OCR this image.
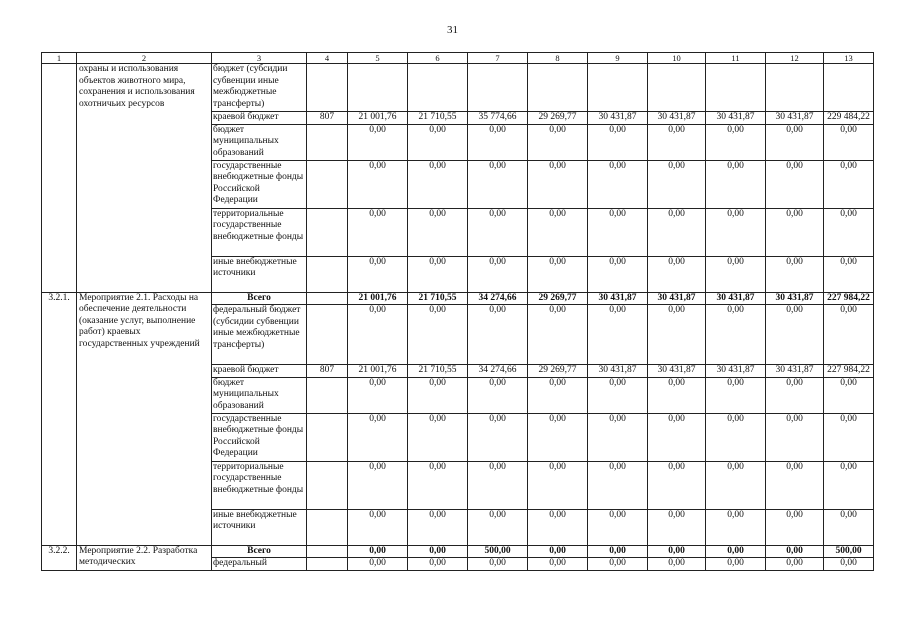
31
1	2	3	4	5	6	7	8	9	10	11	12	13
	охраны и использования объектов животного мира, сохранения и использования охотничьих ресурсов	бюджет (субсидии субвенции иные межбюджетные трансферты)										
		краевой бюджет	807	21 001,76	21 710,55	35 774,66	29 269,77	30 431,87	30 431,87	30 431,87	30 431,87	229 484,22
		бюджет муниципальных образований		0,00	0,00	0,00	0,00	0,00	0,00	0,00	0,00	0,00
		государственные внебюджетные фонды Российской Федерации		0,00	0,00	0,00	0,00	0,00	0,00	0,00	0,00	0,00
		территориальные государственные внебюджетные фонды		0,00	0,00	0,00	0,00	0,00	0,00	0,00	0,00	0,00
		иные внебюджетные источники		0,00	0,00	0,00	0,00	0,00	0,00	0,00	0,00	0,00
3.2.1.	Мероприятие 2.1. Расходы на обеспечение деятельности (оказание услуг, выполнение работ) краевых государственных учреждений	Всего		21 001,76	21 710,55	34 274,66	29 269,77	30 431,87	30 431,87	30 431,87	30 431,87	227 984,22
		федеральный бюджет (субсидии субвенции иные межбюджетные трансферты)		0,00	0,00	0,00	0,00	0,00	0,00	0,00	0,00	0,00
		краевой бюджет	807	21 001,76	21 710,55	34 274,66	29 269,77	30 431,87	30 431,87	30 431,87	30 431,87	227 984,22
		бюджет муниципальных образований		0,00	0,00	0,00	0,00	0,00	0,00	0,00	0,00	0,00
		государственные внебюджетные фонды Российской Федерации		0,00	0,00	0,00	0,00	0,00	0,00	0,00	0,00	0,00
		территориальные государственные внебюджетные фонды		0,00	0,00	0,00	0,00	0,00	0,00	0,00	0,00	0,00
		иные внебюджетные источники		0,00	0,00	0,00	0,00	0,00	0,00	0,00	0,00	0,00
3.2.2.	Мероприятие 2.2. Разработка методических	Всего		0,00	0,00	500,00	0,00	0,00	0,00	0,00	0,00	500,00
		федеральный		0,00	0,00	0,00	0,00	0,00	0,00	0,00	0,00	0,00
